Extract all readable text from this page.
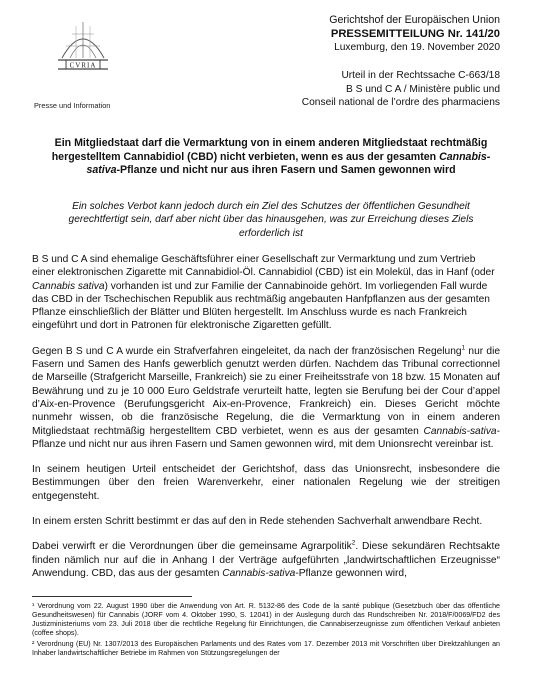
CVRIA
Presse und Information
Gerichtshof der Europäischen Union
PRESSEMITTEILUNG Nr. 141/20
Luxemburg, den 19. November 2020
Urteil in der Rechtssache C-663/18
B S und C A / Ministère public und
Conseil national de l’ordre des pharmaciens
Ein Mitgliedstaat darf die Vermarktung von in einem anderen Mitgliedstaat rechtmäßig hergestelltem Cannabidiol (CBD) nicht verbieten, wenn es aus der gesamten Cannabis-sativa-Pflanze und nicht nur aus ihren Fasern und Samen gewonnen wird
Ein solches Verbot kann jedoch durch ein Ziel des Schutzes der öffentlichen Gesundheit gerechtfertigt sein, darf aber nicht über das hinausgehen, was zur Erreichung dieses Ziels erforderlich ist

B S und C A sind ehemalige Geschäftsführer einer Gesellschaft zur Vermarktung und zum Vertrieb einer elektronischen Zigarette mit Cannabidiol-Öl. Cannabidiol (CBD) ist ein Molekül, das in Hanf (oder Cannabis sativa) vorhanden ist und zur Familie der Cannabinoide gehört. Im vorliegenden Fall wurde das CBD in der Tschechischen Republik aus rechtmäßig angebauten Hanfpflanzen aus der gesamten Pflanze einschließlich der Blätter und Blüten hergestellt. Im Anschluss wurde es nach Frankreich eingeführt und dort in Patronen für elektronische Zigaretten gefüllt.

Gegen B S und C A wurde ein Strafverfahren eingeleitet, da nach der französischen Regelung$^1$ nur die Fasern und Samen des Hanfs gewerblich genutzt werden dürfen. Nachdem das Tribunal correctionnel de Marseille (Strafgericht Marseille, Frankreich) sie zu einer Freiheitsstrafe von 18 bzw. 15 Monaten auf Bewährung und zu je 10 000 Euro Geldstrafe verurteilt hatte, legten sie Berufung bei der Cour d’appel d’Aix-en-Provence (Berufungsgericht Aix-en-Provence, Frankreich) ein. Dieses Gericht möchte nunmehr wissen, ob die französische Regelung, die die Vermarktung von in einem anderen Mitgliedstaat rechtmäßig hergestelltem CBD verbietet, wenn es aus der gesamten Cannabis-sativa-Pflanze und nicht nur aus ihren Fasern und Samen gewonnen wird, mit dem Unionsrecht vereinbar ist.

In seinem heutigen Urteil entscheidet der Gerichtshof, dass das Unionsrecht, insbesondere die Bestimmungen über den freien Warenverkehr, einer nationalen Regelung wie der streitigen entgegensteht.

In einem ersten Schritt bestimmt er das auf den in Rede stehenden Sachverhalt anwendbare Recht.

Dabei verwirft er die Verordnungen über die gemeinsame Agrarpolitik$^2$. Diese sekundären Rechtsakte finden nämlich nur auf die in Anhang I der Verträge aufgeführten „landwirtschaftlichen Erzeugnisse“ Anwendung. CBD, das aus der gesamten Cannabis-sativa-Pflanze gewonnen wird,

¹ Verordnung vom 22. August 1990 über die Anwendung von Art. R. 5132-86 des Code de la santé publique (Gesetzbuch über das öffentliche Gesundheitswesen) für Cannabis (JORF vom 4. Oktober 1990, S. 12041) in der Auslegung durch das Rundschreiben Nr. 2018/F/0069/FD2 des Justizministeriums vom 23. Juli 2018 über die rechtliche Regelung für Einrichtungen, die Cannabiserzeugnisse zum öffentlichen Verkauf anbieten (coffee shops).

² Verordnung (EU) Nr. 1307/2013 des Europäischen Parlaments und des Rates vom 17. Dezember 2013 mit Vorschriften über Direktzahlungen an Inhaber landwirtschaftlicher Betriebe im Rahmen von Stützungsregelungen der
